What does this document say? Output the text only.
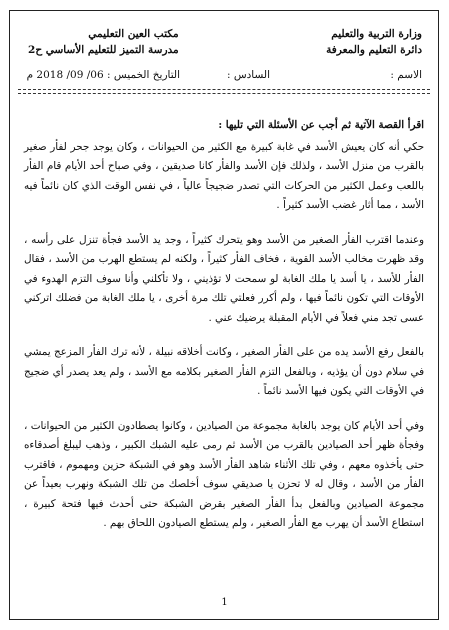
وزارة التربية والتعليم
دائرة التعليم والمعرفة
مكتب العين التعليمي
مدرسة التميز للتعليم الأساسي ح2
الاسم :
السادس :
التاريخ الخميس : 06/ 09/ 2018 م

اقرأ القصة الآتية ثم أجب عن الأسئلة التي تليها :

حكي أنه كان يعيش الأسد في غابة كبيرة مع الكثير من الحيوانات ، وكان يوجد جحر لفأر صغير بالقرب من منزل الأسد ، ولذلك فإن الأسد والفأر كانا صديقين ، وفي صباح أحد الأيام قام الفأر باللعب وعمل الكثير من الحركات التي تصدر ضجيجاً عالياً ، في نفس الوقت الذي كان نائماً فيه الأسد ، مما أثار غضب الأسد كثيراً .

وعندما اقترب الفأر الصغير من الأسد وهو يتحرك كثيراً ، وجد يد الأسد فجأة تنزل على رأسه ، وقد ظهرت مخالب الأسد القوية ، فخاف الفأر كثيراً ، ولكنه لم يستطع الهرب من الأسد ، فقال الفأر للأسد ، يا أسد يا ملك الغابة لو سمحت لا تؤذيني ، ولا تأكلني وأنا سوف التزم الهدوء في الأوقات التي تكون نائماً فيها ، ولم أكرر فعلتي تلك مرة أخرى ، يا ملك الغابة من فضلك اتركني عسى تجد مني فعلاً في الأيام المقبلة يرضيك عني .

بالفعل رفع الأسد يده من على الفأر الصغير ، وكانت أخلاقه نبيلة ، لأنه ترك الفأر المزعج يمشي في سلام دون أن يؤذيه ، وبالفعل التزم الفأر الصغير بكلامه مع الأسد ، ولم يعد يصدر أي ضجيج في الأوقات التي يكون فيها الأسد نائماً .

وفي أحد الأيام كان يوجد بالغابة مجموعة من الصيادين ، وكانوا يصطادون الكثير من الحيوانات ، وفجأة ظهر أحد الصيادين بالقرب من الأسد ثم رمى عليه الشبك الكبير ، وذهب ليبلغ أصدقاءه حتى يأخذوه معهم ، وفي تلك الأثناء شاهد الفأر الأسد وهو في الشبكة حزين ومهموم ، فاقترب الفأر من الأسد ، وقال له لا تحزن يا صديقي سوف أخلصك من تلك الشبكة ونهرب بعيداً عن مجموعة الصيادين وبالفعل بدأ الفأر الصغير بقرض الشبكة حتى أحدث فيها فتحة كبيرة ، استطاع الأسد أن يهرب مع الفأر الصغير ، ولم يستطع الصيادون اللحاق بهم .

1
